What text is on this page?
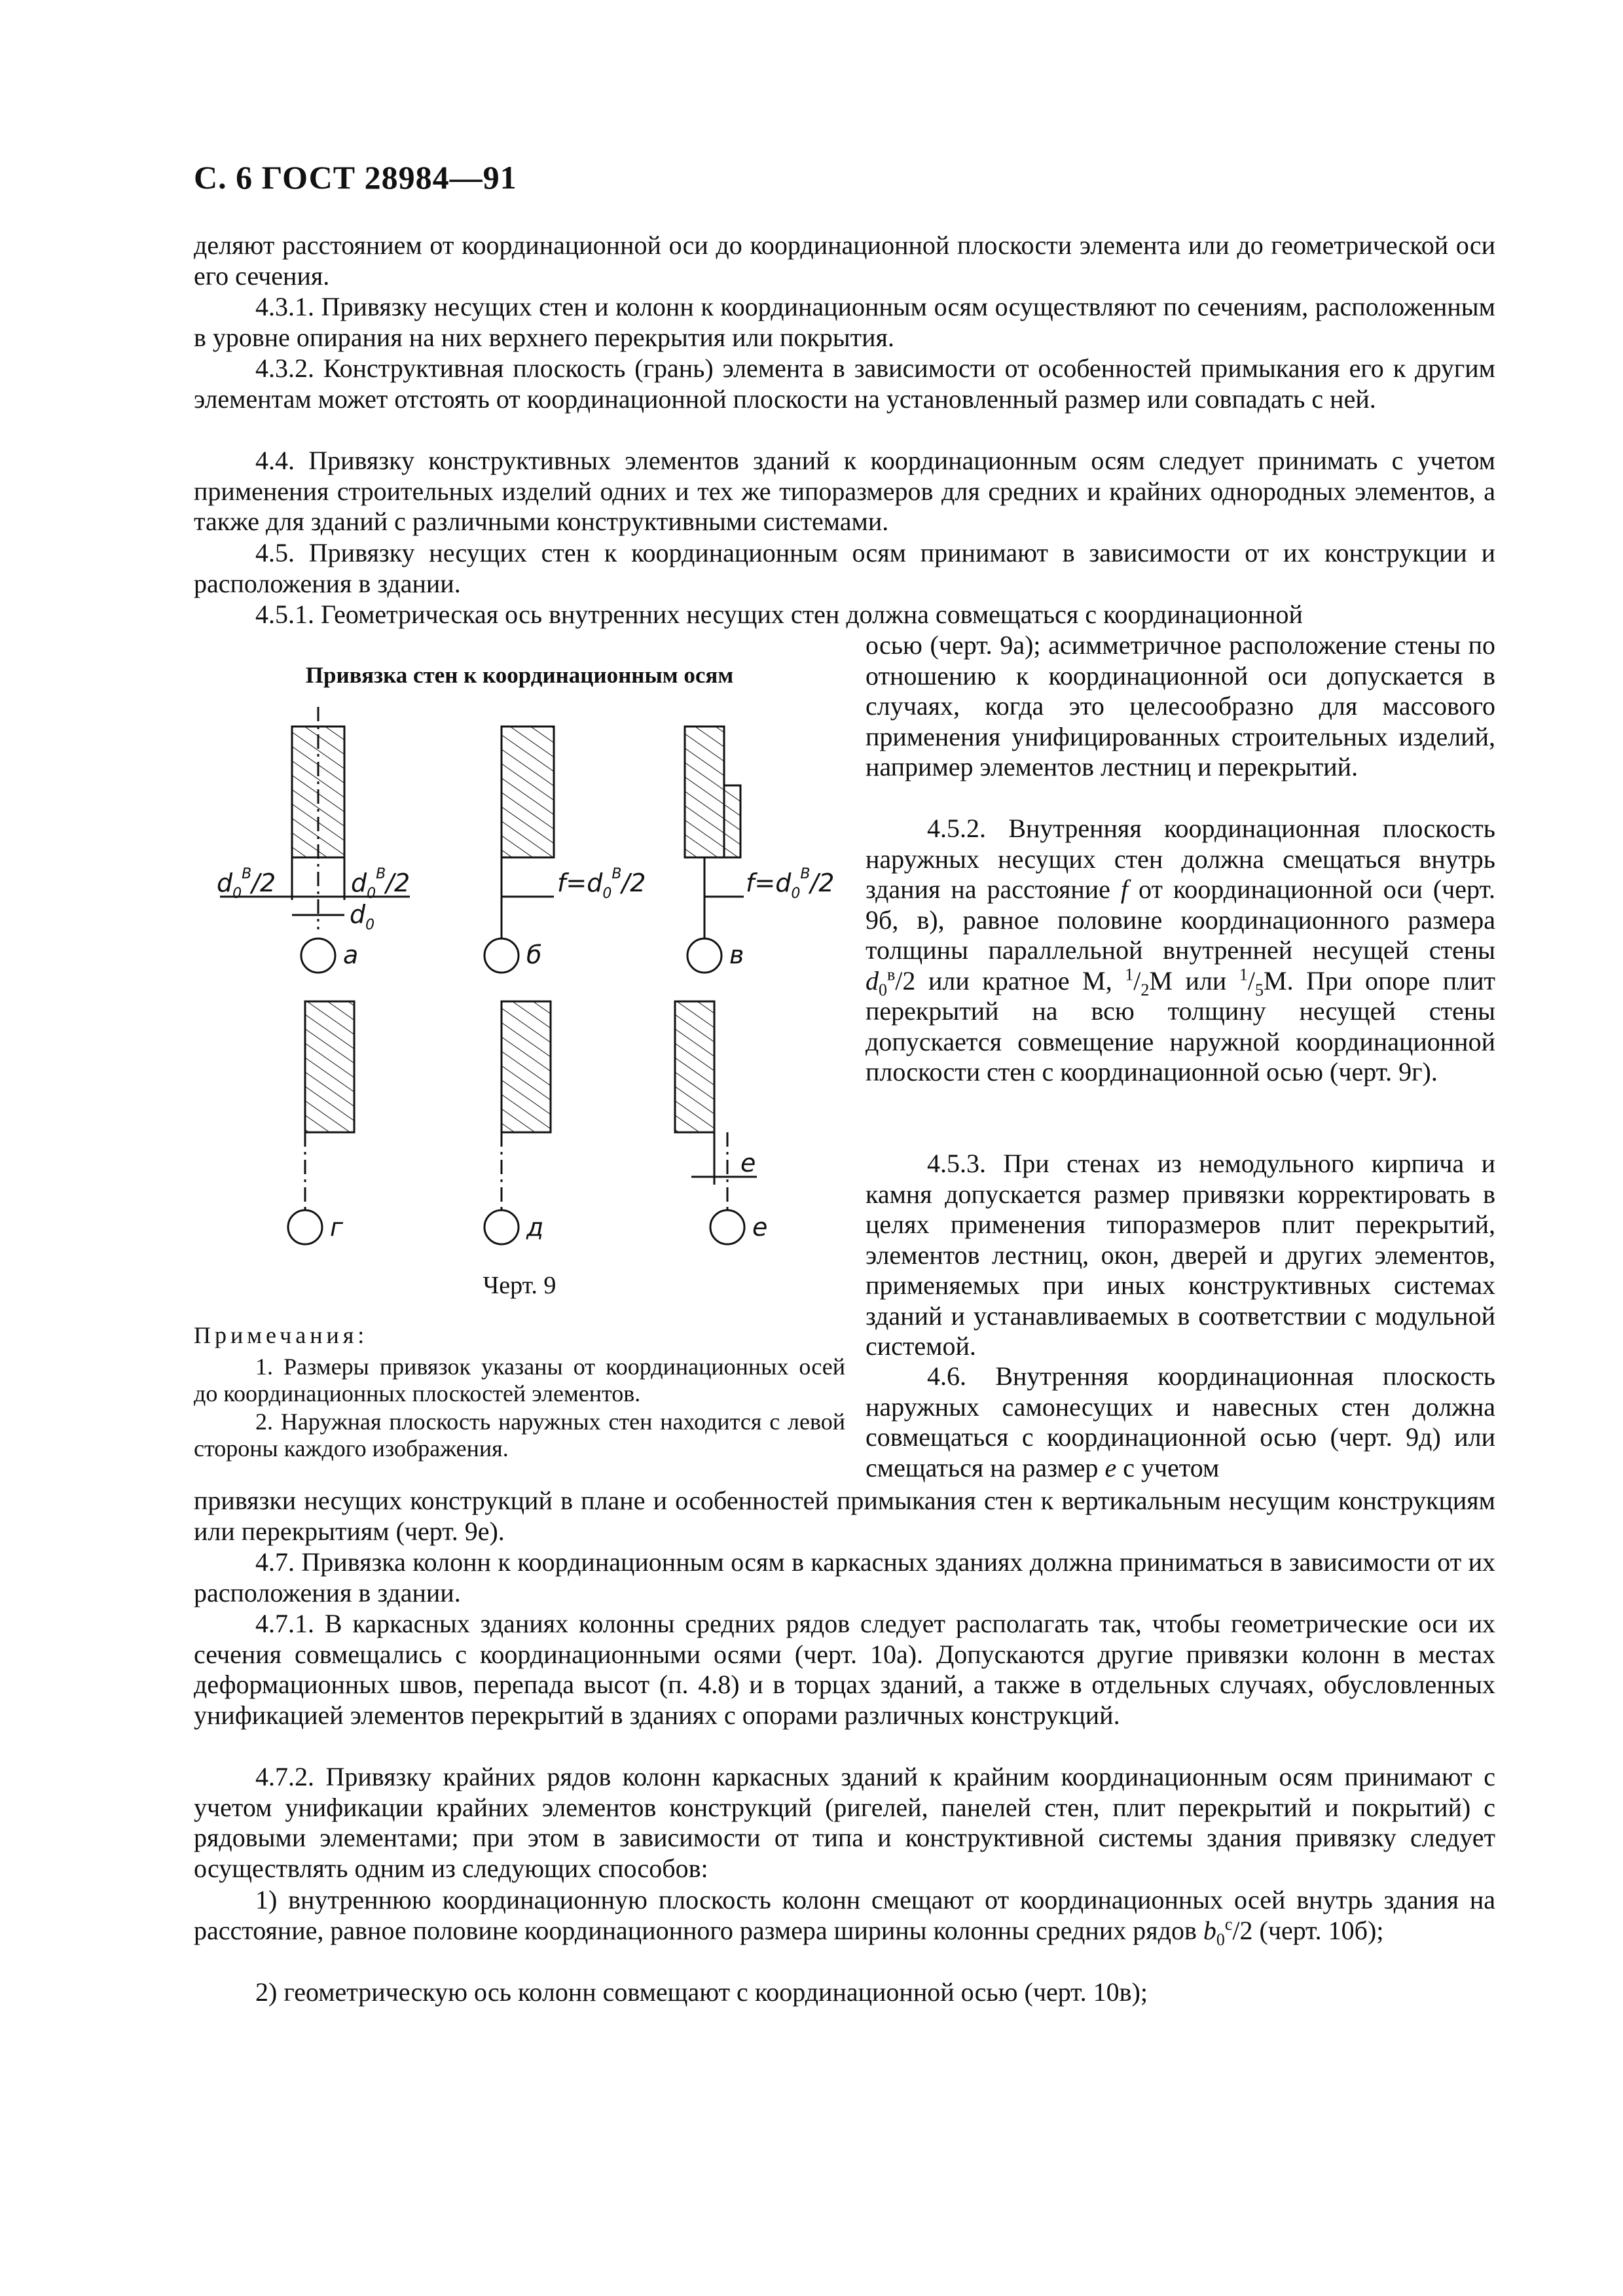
С. 6 ГОСТ 28984—91
деляют расстоянием от координационной оси до координационной плоскости элемента или до геометрической оси его сечения.
4.3.1. Привязку несущих стен и колонн к координационным осям осуществляют по сечениям, расположенным в уровне опирания на них верхнего перекрытия или покрытия.
4.3.2. Конструктивная плоскость (грань) элемента в зависимости от особенностей примыкания его к другим элементам может отстоять от координационной плоскости на установленный размер или совпадать с ней.
4.4. Привязку конструктивных элементов зданий к координационным осям следует принимать с учетом применения строительных изделий одних и тех же типоразмеров для средних и крайних однородных элементов, а также для зданий с различными конструктивными системами.
4.5. Привязку несущих стен к координационным осям принимают в зависимости от их конструкции и расположения в здании.
4.5.1. Геометрическая ось внутренних несущих стен должна совмещаться с координационной
осью (черт. 9а); асимметричное расположение стены по отношению к координационной оси допускается в случаях, когда это целесообразно для массового применения унифицированных строительных изделий, например элементов лестниц и перекрытий.
4.5.2. Внутренняя координационная плоскость наружных несущих стен должна смещаться внутрь здания на расстояние f от координационной оси (черт. 9б, в), равное половине координационного размера толщины параллельной внутренней несущей стены $d_0^в/2$ или кратное М, $^1/_2М$ или $^1/_5М$. При опоре плит перекрытий на всю толщину несущей стены допускается совмещение наружной координационной плоскости стен с координационной осью (черт. 9г).
4.5.3. При стенах из немодульного кирпича и камня допускается размер привязки корректировать в целях применения типоразмеров плит перекрытий, элементов лестниц, окон, дверей и других элементов, применяемых при иных конструктивных системах зданий и устанавливаемых в соответствии с модульной системой.
4.6. Внутренняя координационная плоскость наружных самонесущих и навесных стен должна совмещаться с координационной осью (черт. 9д) или смещаться на размер е с учетом
Привязка стен к координационным осям
$d_0^B/2$	$d_0^B/2$
$d_0$
$f=d_0^B/2$	$f=d_0^B/2$
e
а	б	в
г	д	е
Черт. 9
Примечания:
1. Размеры привязок указаны от координационных осей до координационных плоскостей элементов.
2. Наружная плоскость наружных стен находится с левой стороны каждого изображения.
привязки несущих конструкций в плане и особенностей примыкания стен к вертикальным несущим конструкциям или перекрытиям (черт. 9е).
4.7. Привязка колонн к координационным осям в каркасных зданиях должна приниматься в зависимости от их расположения в здании.
4.7.1. В каркасных зданиях колонны средних рядов следует располагать так, чтобы геометрические оси их сечения совмещались с координационными осями (черт. 10а). Допускаются другие привязки колонн в местах деформационных швов, перепада высот (п. 4.8) и в торцах зданий, а также в отдельных случаях, обусловленных унификацией элементов перекрытий в зданиях с опорами различных конструкций.
4.7.2. Привязку крайних рядов колонн каркасных зданий к крайним координационным осям принимают с учетом унификации крайних элементов конструкций (ригелей, панелей стен, плит перекрытий и покрытий) с рядовыми элементами; при этом в зависимости от типа и конструктивной системы здания привязку следует осуществлять одним из следующих способов:
1) внутреннюю координационную плоскость колонн смещают от координационных осей внутрь здания на расстояние, равное половине координационного размера ширины колонны средних рядов $b_0^с/2$ (черт. 10б);
2) геометрическую ось колонн совмещают с координационной осью (черт. 10в);
